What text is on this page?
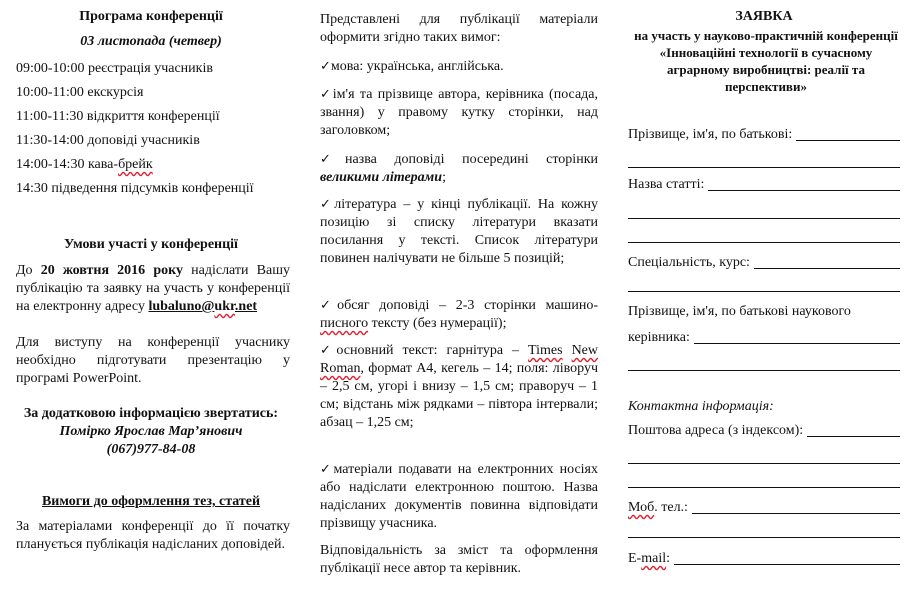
Програма конференції
03 листопада (четвер)
09:00-10:00 реєстрація учасників
10:00-11:00 екскурсія
11:00-11:30 відкриття конференції
11:30-14:00 доповіді учасників
14:00-14:30 кава-брейк
14:30 підведення підсумків конференції
Умови участі у конференції
До 20 жовтня 2016 року надіслати Вашу публікацію та заявку на участь у конференції на електронну адресу lubaluno@ukr.net
Для виступу на конференції учаснику необхідно підготувати презентацію у програмі PowerPoint.
За додатковою інформацією звертатись:
Помірко Ярослав Мар’янович
(067)977-84-08
Вимоги до оформлення тез, статей
За матеріалами конференції до її початку планується публікація надісланих доповідей.
Представлені для публікації матеріали оформити згідно таких вимог:
✓мова: українська, англійська.
✓ім'я та прізвище автора, керівника (посада, звання) у правому кутку сторінки, над заголовком;
✓назва доповіді посередині сторінки великими літерами;
✓література – у кінці публікації. На кожну позицію зі списку літератури вказати посилання у тексті. Список літератури повинен налічувати не більше 5 позицій;
✓обсяг доповіді – 2-3 сторінки машино-писного тексту (без нумерації);
✓основний текст: гарнітура – Times New Roman, формат А4, кегель – 14; поля: ліворуч – 2,5 см, угорі і внизу – 1,5 см; праворуч – 1 см; відстань між рядками – півтора інтервали; абзац – 1,25 см;
✓матеріали подавати на електронних носіях або надіслати електронною поштою. Назва надісланих документів повинна відповідати прізвищу учасника.
Відповідальність за зміст та оформлення публікації несе автор та керівник.
ЗАЯВКА
на участь у науково-практичній конференції «Інноваційні технології в сучасному аграрному виробництві: реалії та перспективи»
Прізвище, ім'я, по батькові:
Назва статті:
Спеціальність, курс:
Прізвище, ім'я, по батькові наукового
керівника:
Контактна інформація:
Поштова адреса (з індексом):
Моб. тел.:
E-mail:
